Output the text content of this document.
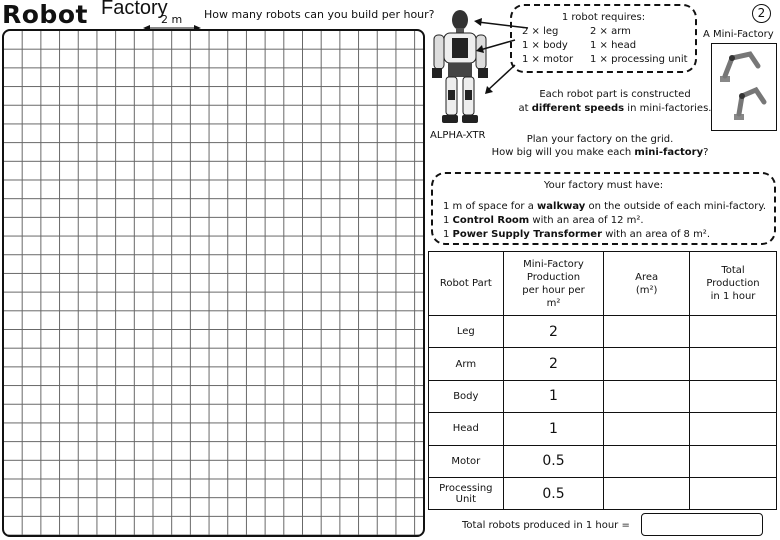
Robot Factory
2 m How many robots can you build per hour?
ALPHA-XTR
1 robot requires:
2 × leg
1 × body
1 × motor
2 × arm
1 × head
1 × processing unit
2
A Mini-Factory
Each robot part is constructed
at different speeds in mini-factories.
Plan your factory on the grid.
How big will you make each mini-factory?
Your factory must have:
1 m of space for a walkway on the outside of each mini-factory.
1 Control Room with an area of 12 m².
1 Power Supply Transformer with an area of 8 m².
Robot Part	Mini-Factory Production per hour per m²	Area (m²)	Total Production in 1 hour
Leg	2		
Arm	2		
Body	1		
Head	1		
Motor	0.5		
Processing Unit	0.5		
Total robots produced in 1 hour =
